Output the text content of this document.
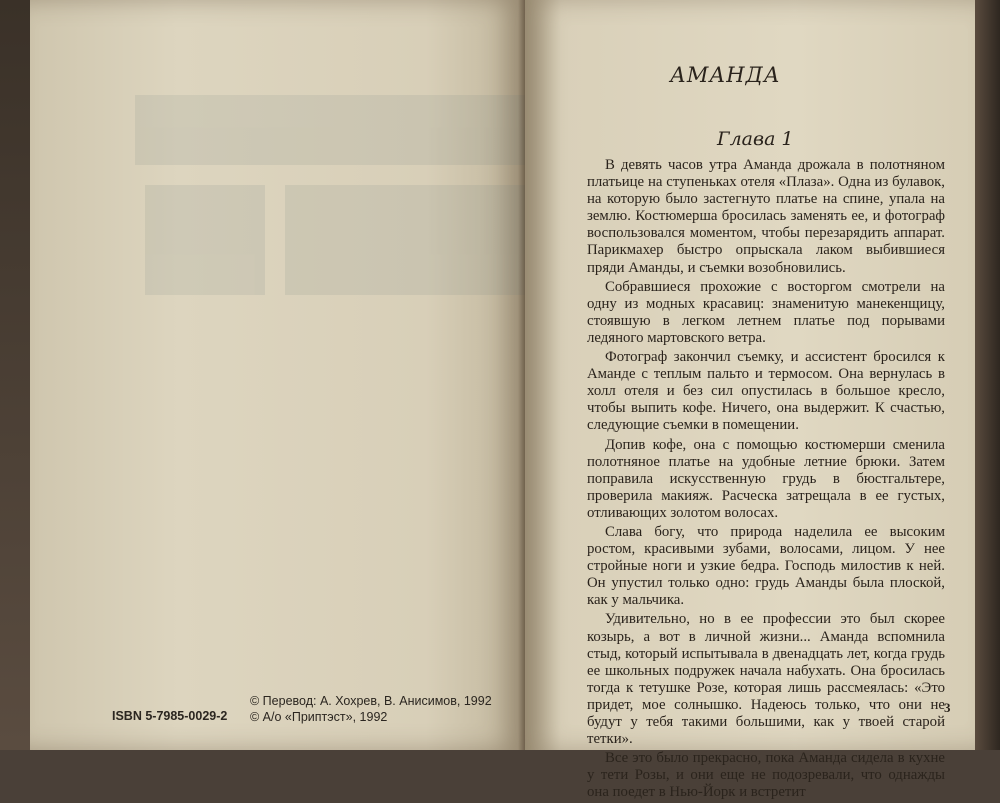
© Перевод: А. Хохрев, В. Анисимов, 1992
© А/о «Приптэст», 1992
ISBN 5-7985-0029-2
АМАНДА
Глава 1

В девять часов утра Аманда дрожала в полотняном платьице на ступеньках отеля «Плаза». Одна из булавок, на которую было застегнуто платье на спине, упала на землю. Костюмерша бросилась заменять ее, и фотограф воспользовался моментом, чтобы перезарядить аппарат. Парикмахер быстро опрыскала лаком выбившиеся пряди Аманды, и съемки возобновились.

Собравшиеся прохожие с восторгом смотрели на одну из модных красавиц: знаменитую манекенщицу, стоявшую в легком летнем платье под порывами ледяного мартовского ветра.

Фотограф закончил съемку, и ассистент бросился к Аманде с теплым пальто и термосом. Она вернулась в холл отеля и без сил опустилась в большое кресло, чтобы выпить кофе. Ничего, она выдержит. К счастью, следующие съемки в помещении.

Допив кофе, она с помощью костюмерши сменила полотняное платье на удобные летние брюки. Затем поправила искусственную грудь в бюстгальтере, проверила макияж. Расческа затрещала в ее густых, отливающих золотом волосах.

Слава богу, что природа наделила ее высоким ростом, красивыми зубами, волосами, лицом. У нее стройные ноги и узкие бедра. Господь милостив к ней. Он упустил только одно: грудь Аманды была плоской, как у мальчика.

Удивительно, но в ее профессии это был скорее козырь, а вот в личной жизни... Аманда вспомнила стыд, который испытывала в двенадцать лет, когда грудь ее школьных подружек начала набухать. Она бросилась тогда к тетушке Розе, которая лишь рассмеялась: «Это придет, мое солнышко. Надеюсь только, что они не будут у тебя такими большими, как у твоей старой тетки».

Все это было прекрасно, пока Аманда сидела в кухне у тети Розы, и они еще не подозревали, что однажды она поедет в Нью-Йорк и встретит

3
